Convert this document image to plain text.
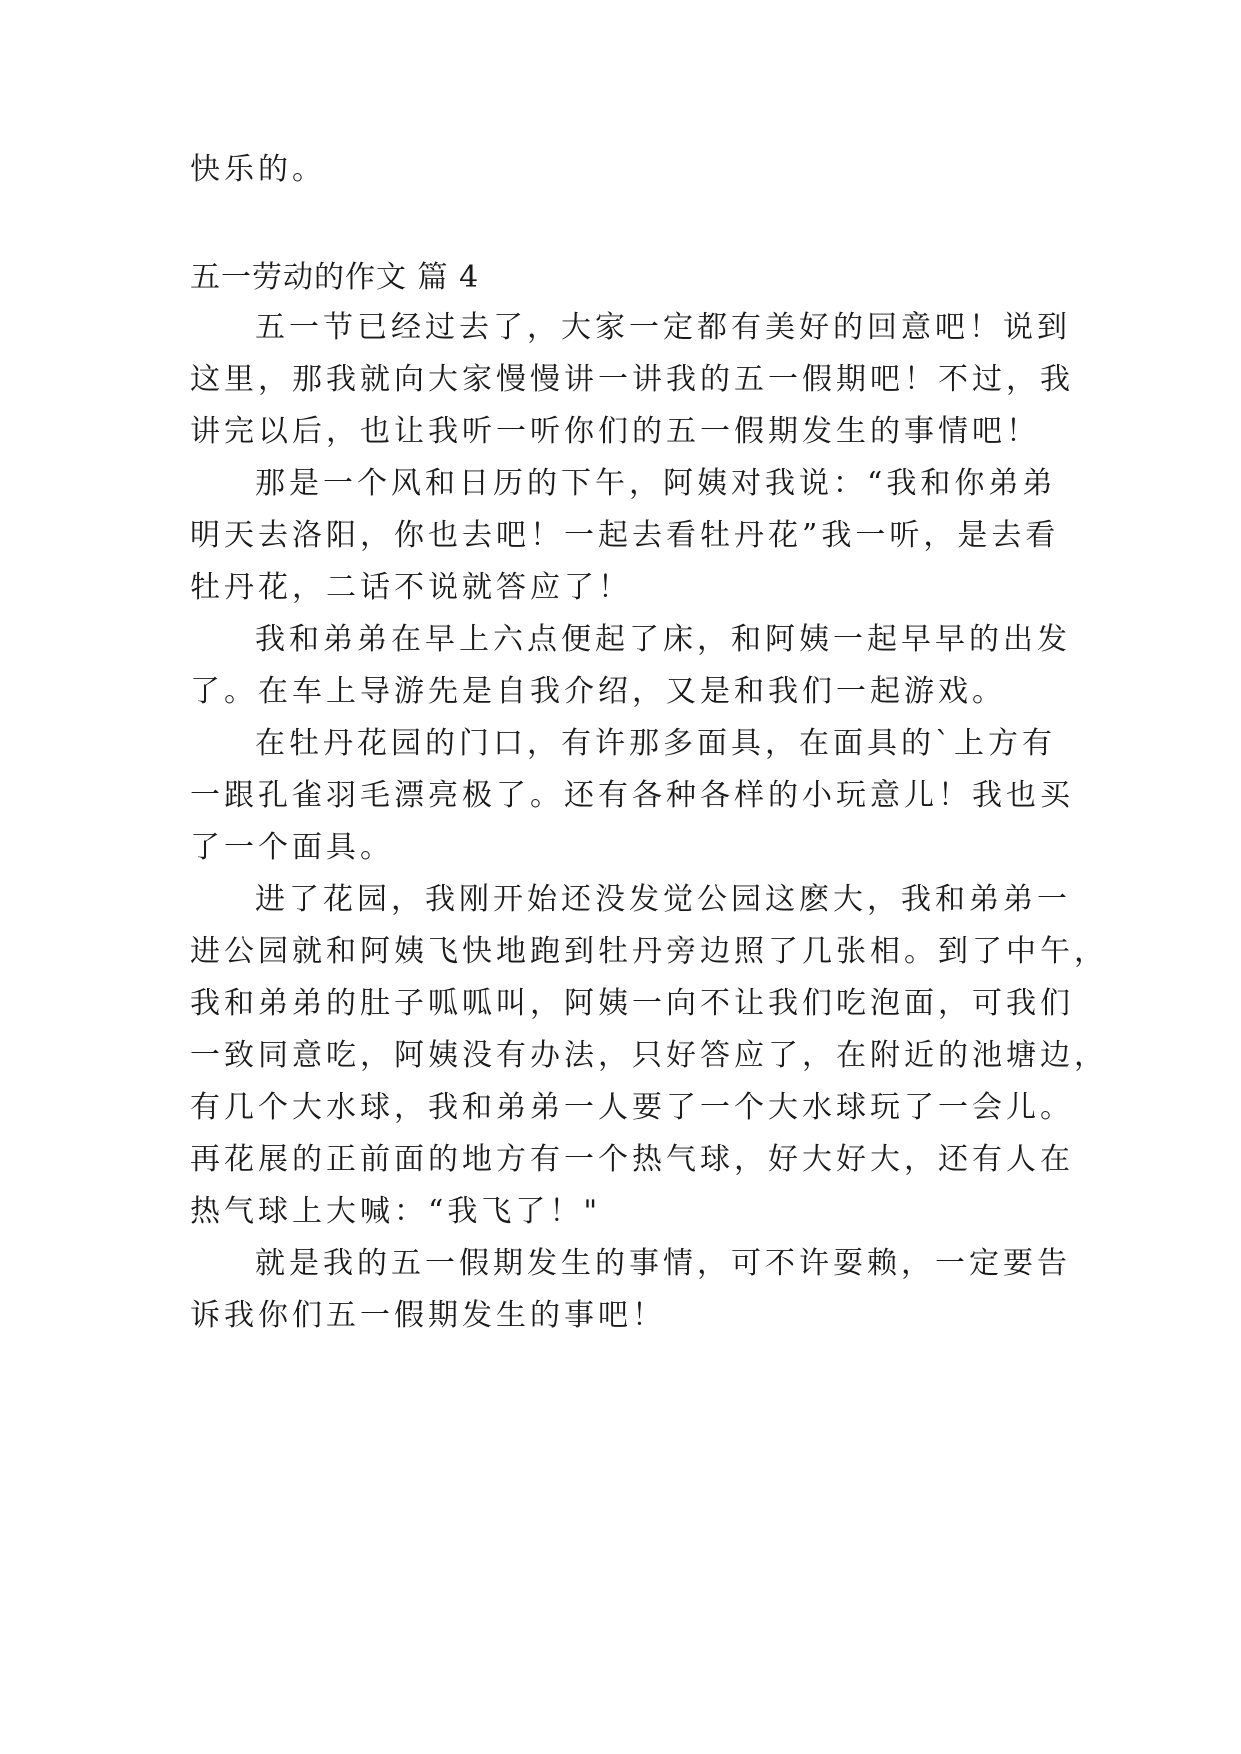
快乐的。
五一劳动的作文 篇 4
五一节已经过去了，大家一定都有美好的回意吧！说到
这里，那我就向大家慢慢讲一讲我的五一假期吧！不过，我
讲完以后，也让我听一听你们的五一假期发生的事情吧！
那是一个风和日历的下午，阿姨对我说：“我和你弟弟
明天去洛阳，你也去吧！一起去看牡丹花”我一听，是去看
牡丹花，二话不说就答应了！
我和弟弟在早上六点便起了床，和阿姨一起早早的出发
了。在车上导游先是自我介绍，又是和我们一起游戏。
在牡丹花园的门口，有许那多面具，在面具的`上方有
一跟孔雀羽毛漂亮极了。还有各种各样的小玩意儿！我也买
了一个面具。
进了花园，我刚开始还没发觉公园这麽大，我和弟弟一
进公园就和阿姨飞快地跑到牡丹旁边照了几张相。到了中午，
我和弟弟的肚子呱呱叫，阿姨一向不让我们吃泡面，可我们
一致同意吃，阿姨没有办法，只好答应了，在附近的池塘边，
有几个大水球，我和弟弟一人要了一个大水球玩了一会儿。
再花展的正前面的地方有一个热气球，好大好大，还有人在
热气球上大喊：“我飞了！"
就是我的五一假期发生的事情，可不许耍赖，一定要告
诉我你们五一假期发生的事吧！
